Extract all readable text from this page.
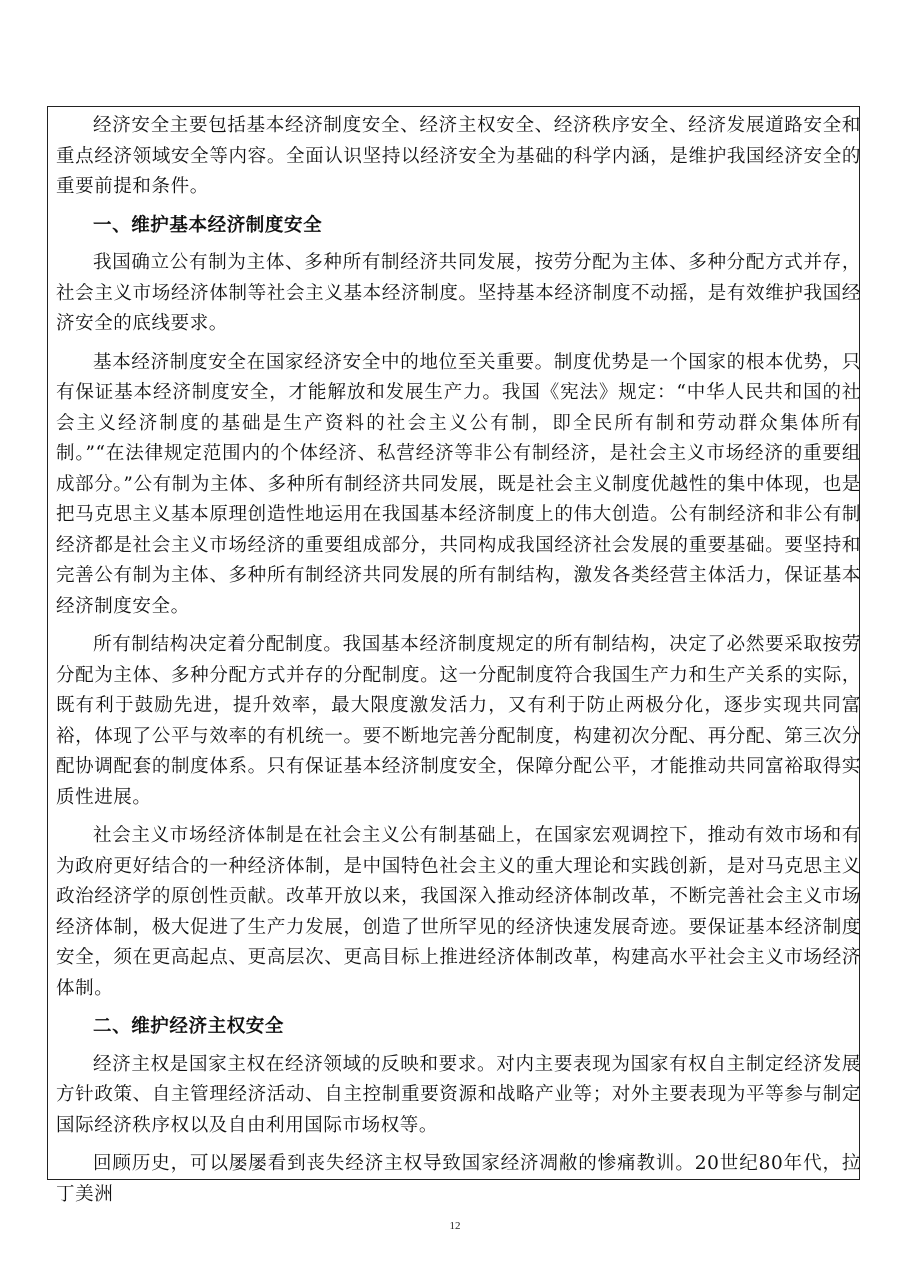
经济安全主要包括基本经济制度安全、经济主权安全、经济秩序安全、经济发展道路安全和重点经济领域安全等内容。全面认识坚持以经济安全为基础的科学内涵，是维护我国经济安全的重要前提和条件。

一、维护基本经济制度安全

我国确立公有制为主体、多种所有制经济共同发展，按劳分配为主体、多种分配方式并存，社会主义市场经济体制等社会主义基本经济制度。坚持基本经济制度不动摇，是有效维护我国经济安全的底线要求。

基本经济制度安全在国家经济安全中的地位至关重要。制度优势是一个国家的根本优势，只有保证基本经济制度安全，才能解放和发展生产力。我国《宪法》规定：“中华人民共和国的社会主义经济制度的基础是生产资料的社会主义公有制，即全民所有制和劳动群众集体所有制。”“在法律规定范围内的个体经济、私营经济等非公有制经济，是社会主义市场经济的重要组成部分。”公有制为主体、多种所有制经济共同发展，既是社会主义制度优越性的集中体现，也是把马克思主义基本原理创造性地运用在我国基本经济制度上的伟大创造。公有制经济和非公有制经济都是社会主义市场经济的重要组成部分，共同构成我国经济社会发展的重要基础。要坚持和完善公有制为主体、多种所有制经济共同发展的所有制结构，激发各类经营主体活力，保证基本经济制度安全。

所有制结构决定着分配制度。我国基本经济制度规定的所有制结构，决定了必然要采取按劳分配为主体、多种分配方式并存的分配制度。这一分配制度符合我国生产力和生产关系的实际，既有利于鼓励先进，提升效率，最大限度激发活力，又有利于防止两极分化，逐步实现共同富裕，体现了公平与效率的有机统一。要不断地完善分配制度，构建初次分配、再分配、第三次分配协调配套的制度体系。只有保证基本经济制度安全，保障分配公平，才能推动共同富裕取得实质性进展。

社会主义市场经济体制是在社会主义公有制基础上，在国家宏观调控下，推动有效市场和有为政府更好结合的一种经济体制，是中国特色社会主义的重大理论和实践创新，是对马克思主义政治经济学的原创性贡献。改革开放以来，我国深入推动经济体制改革，不断完善社会主义市场经济体制，极大促进了生产力发展，创造了世所罕见的经济快速发展奇迹。要保证基本经济制度安全，须在更高起点、更高层次、更高目标上推进经济体制改革，构建高水平社会主义市场经济体制。

二、维护经济主权安全

经济主权是国家主权在经济领域的反映和要求。对内主要表现为国家有权自主制定经济发展方针政策、自主管理经济活动、自主控制重要资源和战略产业等；对外主要表现为平等参与制定国际经济秩序权以及自由利用国际市场权等。

回顾历史，可以屡屡看到丧失经济主权导致国家经济凋敝的惨痛教训。20世纪80年代，拉丁美洲

12
